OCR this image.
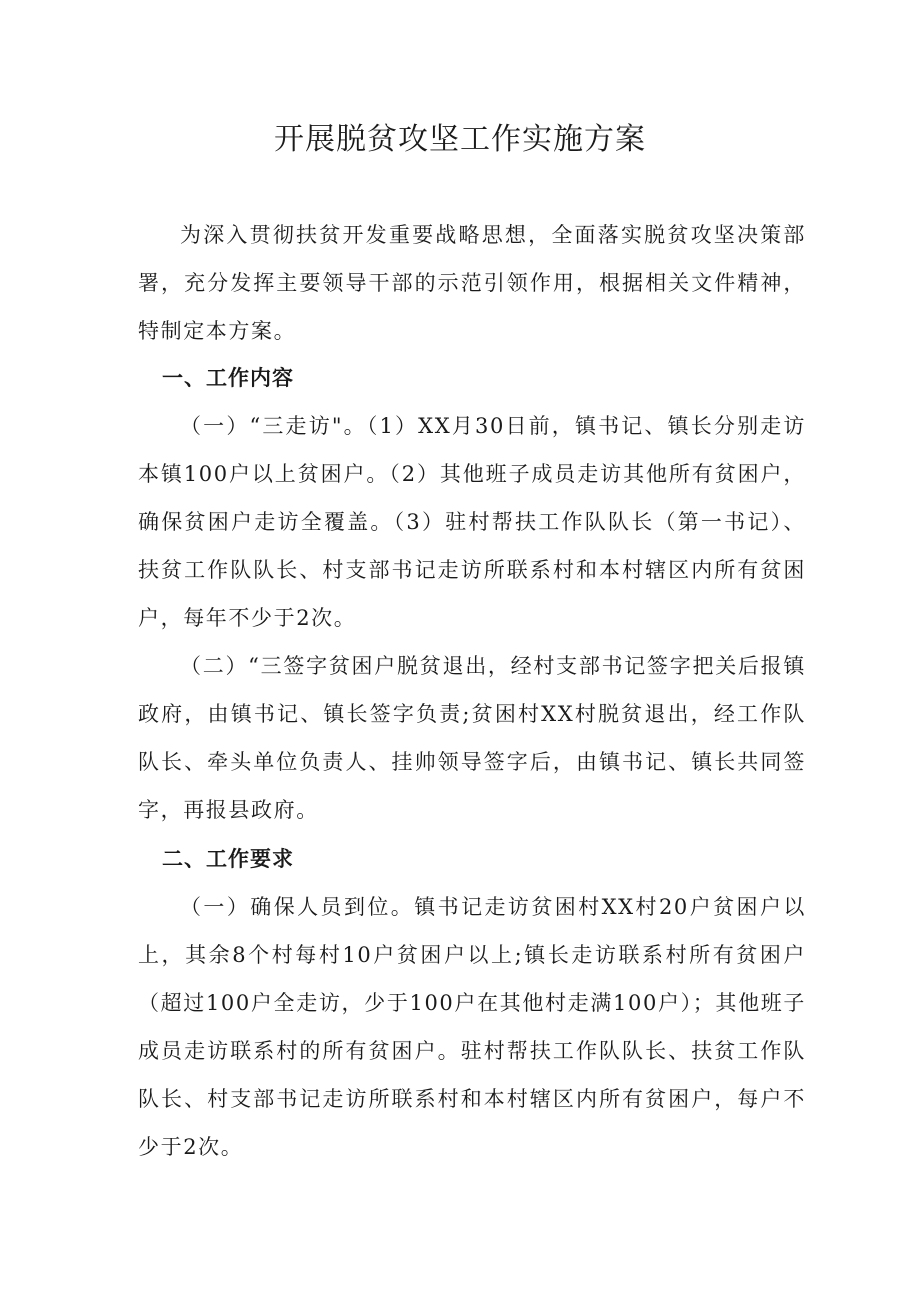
开展脱贫攻坚工作实施方案

为深入贯彻扶贫开发重要战略思想，全面落实脱贫攻坚决策部署，充分发挥主要领导干部的示范引领作用，根据相关文件精神，特制定本方案。

一、工作内容

（一）“三走访"。（1）XX月30日前，镇书记、镇长分别走访本镇100户以上贫困户。（2）其他班子成员走访其他所有贫困户，确保贫困户走访全覆盖。（3）驻村帮扶工作队队长（第一书记）、扶贫工作队队长、村支部书记走访所联系村和本村辖区内所有贫困户，每年不少于2次。

（二）“三签字贫困户脱贫退出，经村支部书记签字把关后报镇政府，由镇书记、镇长签字负责;贫困村XX村脱贫退出，经工作队队长、牵头单位负责人、挂帅领导签字后，由镇书记、镇长共同签字，再报县政府。

二、工作要求

（一）确保人员到位。镇书记走访贫困村XX村20户贫困户以上，其余8个村每村10户贫困户以上;镇长走访联系村所有贫困户（超过100户全走访，少于100户在其他村走满100户）；其他班子成员走访联系村的所有贫困户。驻村帮扶工作队队长、扶贫工作队队长、村支部书记走访所联系村和本村辖区内所有贫困户，每户不少于2次。
